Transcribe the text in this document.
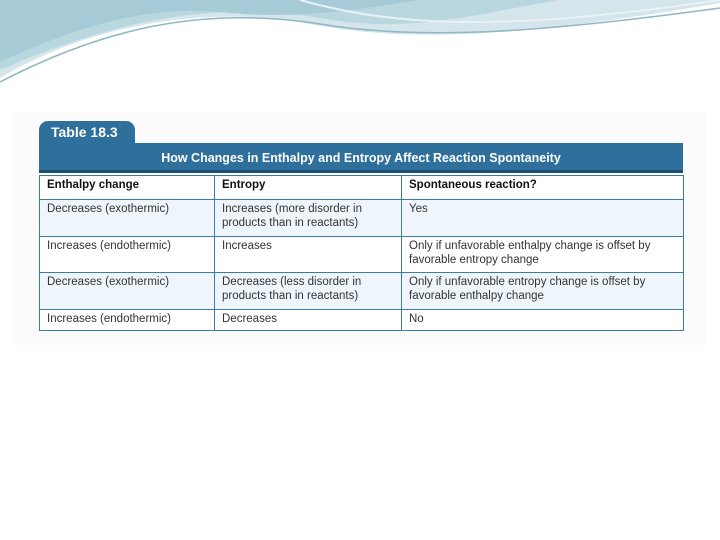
Table 18.3
How Changes in Enthalpy and Entropy Affect Reaction Spontaneity
Enthalpy change	Entropy	Spontaneous reaction?
Decreases (exothermic)	Increases (more disorder in products than in reactants)	Yes
Increases (endothermic)	Increases	Only if unfavorable enthalpy change is offset by favorable entropy change
Decreases (exothermic)	Decreases (less disorder in products than in reactants)	Only if unfavorable entropy change is offset by favorable enthalpy change
Increases (endothermic)	Decreases	No
